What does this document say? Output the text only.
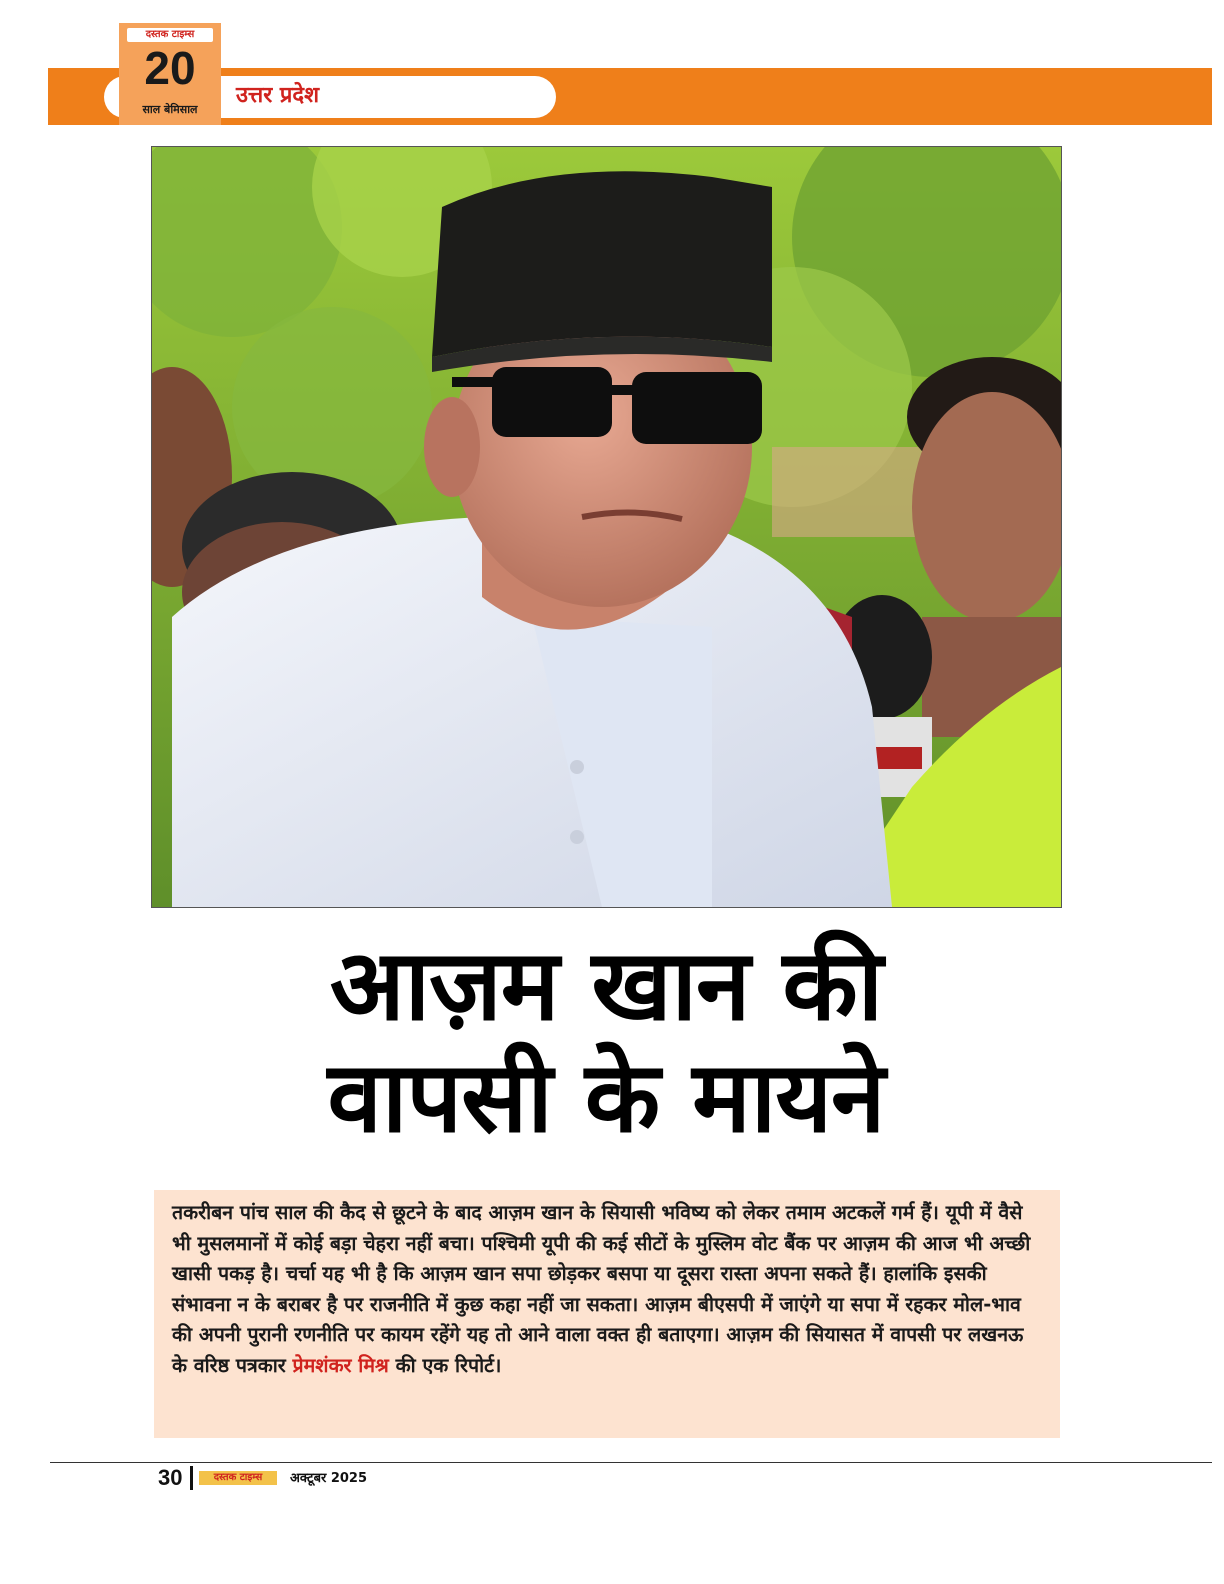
उत्तर प्रदेश
दस्तक टाइम्स
20
साल बेमिसाल
आज़म खान की
वापसी के मायने
तकरीबन पांच साल की कैद से छूटने के बाद आज़म खान के सियासी भविष्य को लेकर तमाम अटकलें गर्म हैं। यूपी में वैसे भी मुसलमानों में कोई बड़ा चेहरा नहीं बचा। पश्चिमी यूपी की कई सीटों के मुस्लिम वोट बैंक पर आज़म की आज भी अच्छी खासी पकड़ है। चर्चा यह भी है कि आज़म खान सपा छोड़कर बसपा या दूसरा रास्ता अपना सकते हैं। हालांकि इसकी संभावना न के बराबर है पर राजनीति में कुछ कहा नहीं जा सकता। आज़म बीएसपी में जाएंगे या सपा में रहकर मोल-भाव की अपनी पुरानी रणनीति पर कायम रहेंगे यह तो आने वाला वक्त ही बताएगा। आज़म की सियासत में वापसी पर लखनऊ के वरिष्ठ पत्रकार प्रेमशंकर मिश्र की एक रिपोर्ट।
30	दस्तक टाइम्स	अक्टूबर 2025
